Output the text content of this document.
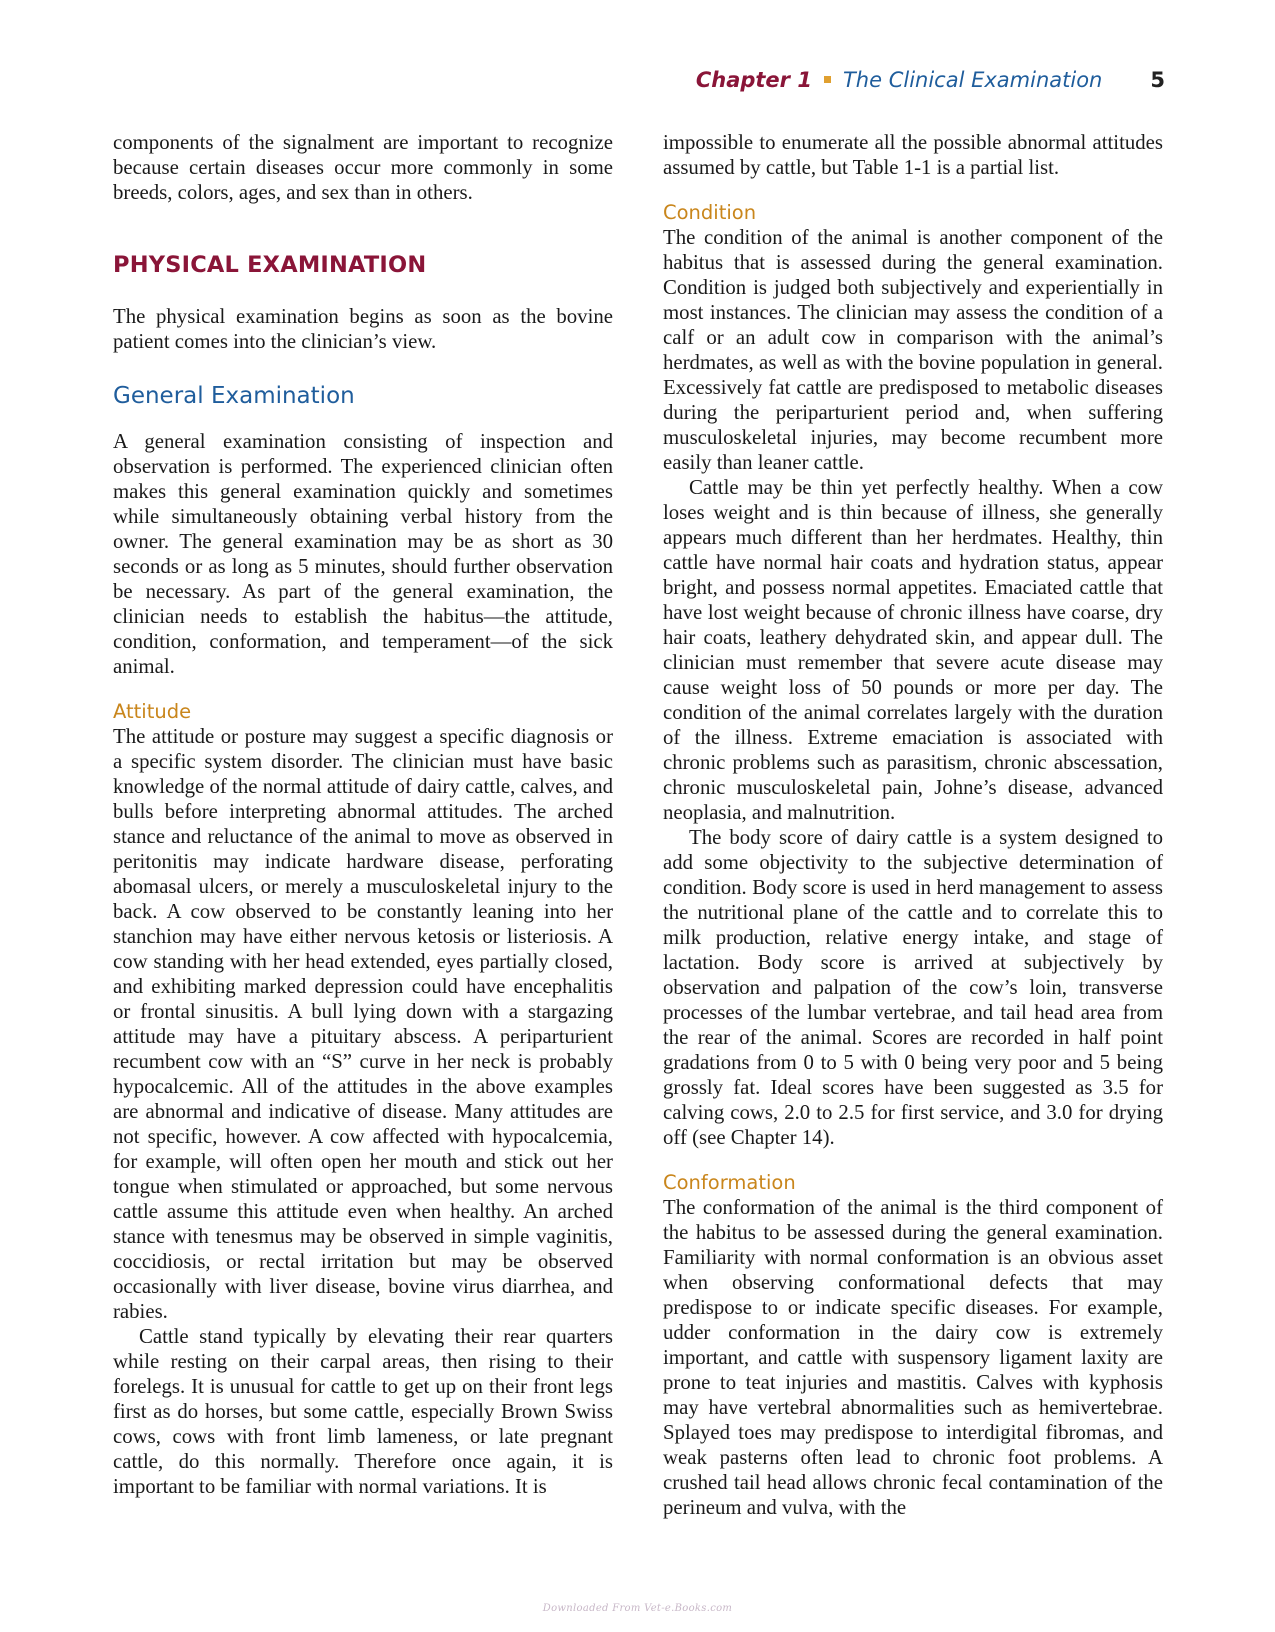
Chapter 1 The Clinical Examination 5

components of the signalment are important to recognize because certain diseases occur more commonly in some breeds, colors, ages, and sex than in others.

PHYSICAL EXAMINATION

The physical examination begins as soon as the bovine patient comes into the clinician’s view.

General Examination

A general examination consisting of inspection and observation is performed. The experienced clinician often makes this general examination quickly and sometimes while simultaneously obtaining verbal history from the owner. The general examination may be as short as 30 seconds or as long as 5 minutes, should further observation be necessary. As part of the general examination, the clinician needs to establish the habitus—the attitude, condition, conformation, and temperament—of the sick animal.

Attitude

The attitude or posture may suggest a specific diagnosis or a specific system disorder. The clinician must have basic knowledge of the normal attitude of dairy cattle, calves, and bulls before interpreting abnormal attitudes. The arched stance and reluctance of the animal to move as observed in peritonitis may indicate hardware disease, perforating abomasal ulcers, or merely a musculoskeletal injury to the back. A cow observed to be constantly leaning into her stanchion may have either nervous ketosis or listeriosis. A cow standing with her head extended, eyes partially closed, and exhibiting marked depression could have encephalitis or frontal sinusitis. A bull lying down with a stargazing attitude may have a pituitary abscess. A periparturient recumbent cow with an “S” curve in her neck is probably hypocalcemic. All of the attitudes in the above examples are abnormal and indicative of disease. Many attitudes are not specific, however. A cow affected with hypocalcemia, for example, will often open her mouth and stick out her tongue when stimulated or approached, but some nervous cattle assume this attitude even when healthy. An arched stance with tenesmus may be observed in simple vaginitis, coccidiosis, or rectal irritation but may be observed occasionally with liver disease, bovine virus diarrhea, and rabies.

Cattle stand typically by elevating their rear quarters while resting on their carpal areas, then rising to their forelegs. It is unusual for cattle to get up on their front legs first as do horses, but some cattle, especially Brown Swiss cows, cows with front limb lameness, or late pregnant cattle, do this normally. Therefore once again, it is important to be familiar with normal variations. It is

impossible to enumerate all the possible abnormal attitudes assumed by cattle, but Table 1-1 is a partial list.

Condition

The condition of the animal is another component of the habitus that is assessed during the general examination. Condition is judged both subjectively and experientially in most instances. The clinician may assess the condition of a calf or an adult cow in comparison with the animal’s herdmates, as well as with the bovine population in general. Excessively fat cattle are predisposed to metabolic diseases during the periparturient period and, when suffering musculoskeletal injuries, may become recumbent more easily than leaner cattle.

Cattle may be thin yet perfectly healthy. When a cow loses weight and is thin because of illness, she generally appears much different than her herdmates. Healthy, thin cattle have normal hair coats and hydration status, appear bright, and possess normal appetites. Emaciated cattle that have lost weight because of chronic illness have coarse, dry hair coats, leathery dehydrated skin, and appear dull. The clinician must remember that severe acute disease may cause weight loss of 50 pounds or more per day. The condition of the animal correlates largely with the duration of the illness. Extreme emaciation is associated with chronic problems such as parasitism, chronic abscessation, chronic musculoskeletal pain, Johne’s disease, advanced neoplasia, and malnutrition.

The body score of dairy cattle is a system designed to add some objectivity to the subjective determination of condition. Body score is used in herd management to assess the nutritional plane of the cattle and to correlate this to milk production, relative energy intake, and stage of lactation. Body score is arrived at subjectively by observation and palpation of the cow’s loin, transverse processes of the lumbar vertebrae, and tail head area from the rear of the animal. Scores are recorded in half point gradations from 0 to 5 with 0 being very poor and 5 being grossly fat. Ideal scores have been suggested as 3.5 for calving cows, 2.0 to 2.5 for first service, and 3.0 for drying off (see Chapter 14).

Conformation

The conformation of the animal is the third component of the habitus to be assessed during the general examination. Familiarity with normal conformation is an obvious asset when observing conformational defects that may predispose to or indicate specific diseases. For example, udder conformation in the dairy cow is extremely important, and cattle with suspensory ligament laxity are prone to teat injuries and mastitis. Calves with kyphosis may have vertebral abnormalities such as hemivertebrae. Splayed toes may predispose to interdigital fibromas, and weak pasterns often lead to chronic foot problems. A crushed tail head allows chronic fecal contamination of the perineum and vulva, with the

Downloaded From Vet-e.Books.com
